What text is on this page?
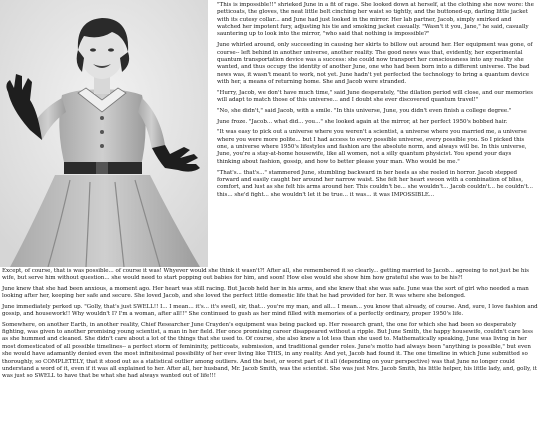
"This is impossible!!" shrieked June in a fit of rage. She looked down at herself, at the clothing she now wore: the petticoats, the gloves, the neat little belt cinching her waist so tightly, and the buttoned-up, darling little jacket with its cutesy collar... and June had just looked in the mirror. Her lab partner, Jacob, simply smirked and watched her impotent fury, adjusting his tie and smoking jacket casually. "Wasn't it you, Jane," he said, casually sauntering up to look into the mirror, "who said that nothing is impossible?"

June whirled around, only succeeding in causing her skirts to billow out around her. Her equipment was gone, of course-- left behind in another universe, another reality. The good news was that, evidently, her experimental quantum transportation device was a success: she could now transport her consciousness into any reality she wanted, and thus occupy the identity of another June, one who had been born into a different universe. The bad news was, it wasn't meant to work, not yet. June hadn't yet perfected the technology to bring a quantum device with her, a means of returning home. She and Jacob were stranded.

"Hurry, Jacob, we don't have much time," said June desperately, "the dilation period will close, and our memories will adapt to match those of this universe... and I doubt she ever discovered quantum travel!"

"No, she didn't," said Jacob, with a smile. "In this universe, June, you didn't even finish a college degree."

June froze. "Jacob... what did... you..." she looked again at the mirror, at her perfect 1950's bobbed hair.

"It was easy to pick out a universe where you weren't a scientist, a universe where you married me, a universe where you were more polite... but I had access to every possible universe, every possible you. So I picked this one, a universe where 1950's lifestyles and fashion are the absolute norm, and always will be. In this universe, June, you're a stay-at-home housewife, like all women, not a silly quantum physicist. You spend your days thinking about fashion, gossip, and how to better please your man. Who would be me."

"That's... that's..." stammered June, stumbling backward in her heels as she reeled in horror. Jacob stepped forward and easily caught her around her narrow waist. She felt her heart swoon with a combination of bliss, comfort, and lust as she felt his arms around her. This couldn't be... she wouldn't... Jacob couldn't... he couldn't... this... she'd fight... she wouldn't let it be true... it was... it was IMPOSSIBLE...

Except, of course, that is was possible... of course it was! Whyever would she think it wasn't?! After all, she remembered it so clearly... getting married to Jacob... agreeing to not just be his wife, but serve him without question... she would need to start popping out babies for him, and soon! How else would she show him how grateful she was to be his?!

June knew that she had been anxious, a moment ago. Her heart was still racing. But Jacob held her in his arms, and she knew that she was safe. June was the sort of girl who needed a man looking after her, keeping her safe and secure. She loved Jacob, and she loved the perfect little domestic life that he had provided for her. It was where she belonged.

June immediately perked up. "Golly, that's just SWELL!! I... I mean... it's... it's swell, sir, that... you're my man, and all... I mean... you know that already, of course. And, sure, I love fashion and gossip, and housework!! Why wouldn't I? I'm a woman, after all!!" She continued to gush as her mind filled with memories of a perfectly ordinary, proper 1950's life.

Somewhere, on another Earth, in another reality, Chief Researcher June Crayden's equipment was being packed up. Her research grant, the one for which she had been so desperately fighting, was given to another promising young scientist, a man in her field. Her once promising career disappeared without a ripple. But June Smith, the happy housewife, couldn't care less as she hummed and cleaned. She didn't care about a lot of the things that she used to. Of course, she also knew a lot less than she used to. Mathematically speaking, June was living in her most domesticated of all possible timelines-- a perfect storm of femininity, petticoats, submission, and traditional gender roles. June's motto had always been "anything is possible," but even she would have adamantly denied even the most infinitesimal possibility of her ever living like THIS, in any reality. And yet, Jacob had found it. The one timeline in which June submitted so thoroughly, so COMPLETELY, that it stood out as a statistical outlier among outliers. And the best, or worst part of it all (depending on your perspective) was that June no longer could understand a word of it, even if it was all explained to her. After all, her husband, Mr. Jacob Smith, was the scientist. She was just Mrs. Jacob Smith, his little helper, his little lady, and, golly, it was just so SWELL to have that be what she had always wanted out of life!!!
